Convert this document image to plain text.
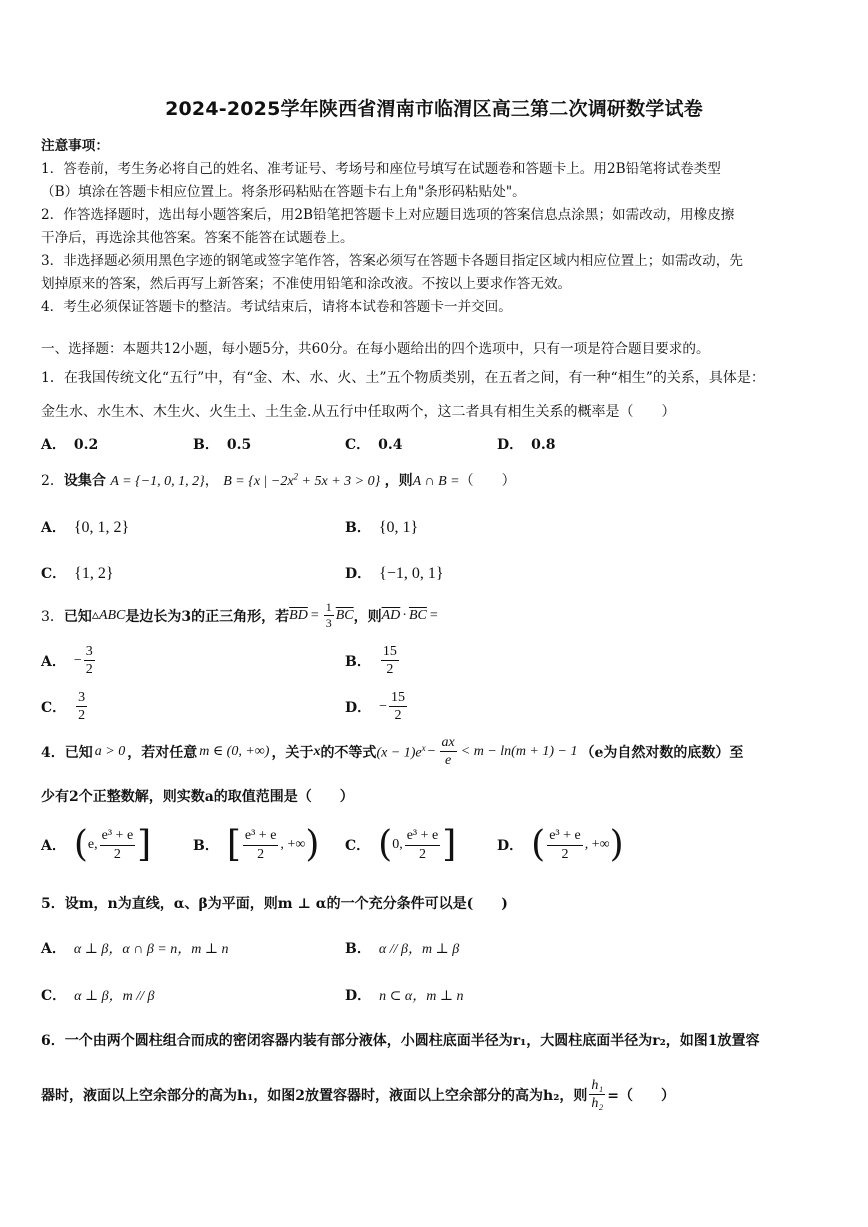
2024-2025学年陕西省渭南市临渭区高三第二次调研数学试卷
注意事项：
1．答卷前，考生务必将自己的姓名、准考证号、考场号和座位号填写在试题卷和答题卡上。用2B铅笔将试卷类型
（B）填涂在答题卡相应位置上。将条形码粘贴在答题卡右上角"条形码粘贴处"。
2．作答选择题时，选出每小题答案后，用2B铅笔把答题卡上对应题目选项的答案信息点涂黑；如需改动，用橡皮擦
干净后，再选涂其他答案。答案不能答在试题卷上。
3．非选择题必须用黑色字迹的钢笔或签字笔作答，答案必须写在答题卡各题目指定区域内相应位置上；如需改动，先
划掉原来的答案，然后再写上新答案；不准使用铅笔和涂改液。不按以上要求作答无效。
4．考生必须保证答题卡的整洁。考试结束后，请将本试卷和答题卡一并交回。
一、选择题：本题共12小题，每小题5分，共60分。在每小题给出的四个选项中，只有一项是符合题目要求的。
1．在我国传统文化“五行”中，有“金、木、水、火、土”五个物质类别，在五者之间，有一种“相生”的关系，具体是：
金生水、水生木、木生火、火生土、土生金.从五行中任取两个，这二者具有相生关系的概率是（　　）
A． 0.2	B． 0.5	C． 0.4	D． 0.8
2．设集合 A = {−1, 0, 1, 2}， B = {x | $-2x^2 + 5x + 3 > 0$} ，则A ∩ B =（　　）
A． {0, 1, 2}	B． {0, 1}
C． {1, 2}	D． {−1, 0, 1}
3． 已知 ▵ABC 是边长为3的正三角形，若 $\overline{BD} = \frac{1}{3} \overline{BC}$ ，则 $\overline{AD} \cdot \overline{BC}$ =
A． − $\frac{3}{2}$	B． $\frac{15}{2}$
C． $\frac{3}{2}$	D． − $\frac{15}{2}$
4．已知 a > 0 ，若对任意 m ∈ (0, +∞) ，关于 x 的不等式 $(x - 1)e^x - \frac{ax}{e} < m - \ln(m + 1) - 1$ （e为自然对数的底数）至
少有2个正整数解，则实数a的取值范围是（　　）
A． ( e, $\frac{\text{e³ + e}}{2}$ ]	B． [ $\frac{\text{e³ + e}}{2}$ , +∞ ) C． ( 0, $\frac{\text{e³ + e}}{2}$ ]	D． ( $\frac{\text{e³ + e}}{2}$ , +∞ )
5．设m，n为直线，α、β为平面，则m ⊥ α的一个充分条件可以是(　　)
A． α ⊥ β，α ∩ β = n，m ⊥ n	B． α // β，m ⊥ β
C． α ⊥ β，m // β	D． n ⊂ α，m ⊥ n
6．一个由两个圆柱组合而成的密闭容器内装有部分液体，小圆柱底面半径为r₁，大圆柱底面半径为r₂，如图1放置容
器时，液面以上空余部分的高为h₁，如图2放置容器时，液面以上空余部分的高为h₂，则 $\frac{\text{h₁}}{\text{h₂}}$ =（　　）
